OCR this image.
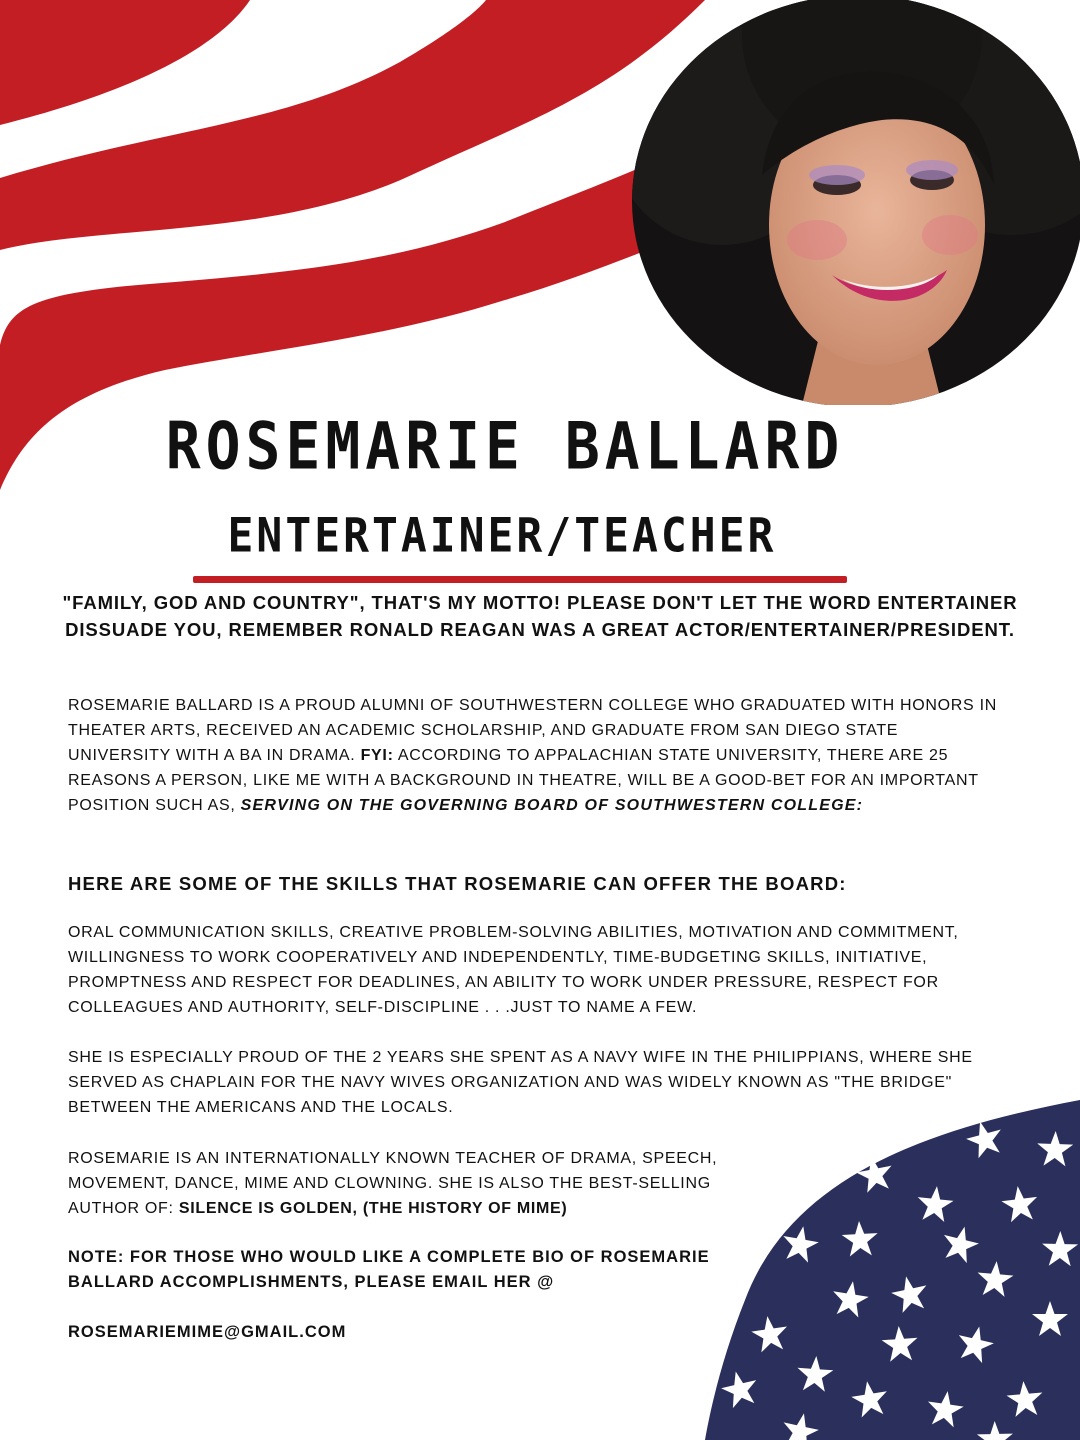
ROSEMARIE BALLARD
ENTERTAINER/TEACHER

"FAMILY, GOD AND COUNTRY", THAT'S MY MOTTO! PLEASE DON'T LET THE WORD ENTERTAINER DISSUADE YOU, REMEMBER RONALD REAGAN WAS A GREAT ACTOR/ENTERTAINER/PRESIDENT.

ROSEMARIE BALLARD IS A PROUD ALUMNI OF SOUTHWESTERN COLLEGE WHO GRADUATED WITH HONORS IN THEATER ARTS, RECEIVED AN ACADEMIC SCHOLARSHIP, AND GRADUATE FROM SAN DIEGO STATE UNIVERSITY WITH A BA IN DRAMA. FYI: ACCORDING TO APPALACHIAN STATE UNIVERSITY, THERE ARE 25 REASONS A PERSON, LIKE ME WITH A BACKGROUND IN THEATRE, WILL BE A GOOD-BET FOR AN IMPORTANT POSITION SUCH AS, SERVING ON THE GOVERNING BOARD OF SOUTHWESTERN COLLEGE:

HERE ARE SOME OF THE SKILLS THAT ROSEMARIE CAN OFFER THE BOARD:

ORAL COMMUNICATION SKILLS, CREATIVE PROBLEM-SOLVING ABILITIES, MOTIVATION AND COMMITMENT, WILLINGNESS TO WORK COOPERATIVELY AND INDEPENDENTLY, TIME-BUDGETING SKILLS, INITIATIVE, PROMPTNESS AND RESPECT FOR DEADLINES, AN ABILITY TO WORK UNDER PRESSURE, RESPECT FOR COLLEAGUES AND AUTHORITY, SELF-DISCIPLINE . . .JUST TO NAME A FEW.

SHE IS ESPECIALLY PROUD OF THE 2 YEARS SHE SPENT AS A NAVY WIFE IN THE PHILIPPIANS, WHERE SHE SERVED AS CHAPLAIN FOR THE NAVY WIVES ORGANIZATION AND WAS WIDELY KNOWN AS "THE BRIDGE" BETWEEN THE AMERICANS AND THE LOCALS.

ROSEMARIE IS AN INTERNATIONALLY KNOWN TEACHER OF DRAMA, SPEECH, MOVEMENT, DANCE, MIME AND CLOWNING. SHE IS ALSO THE BEST-SELLING AUTHOR OF: SILENCE IS GOLDEN, (THE HISTORY OF MIME)

NOTE: FOR THOSE WHO WOULD LIKE A COMPLETE BIO OF ROSEMARIE BALLARD ACCOMPLISHMENTS, PLEASE EMAIL HER @

ROSEMARIEMIME@GMAIL.COM
